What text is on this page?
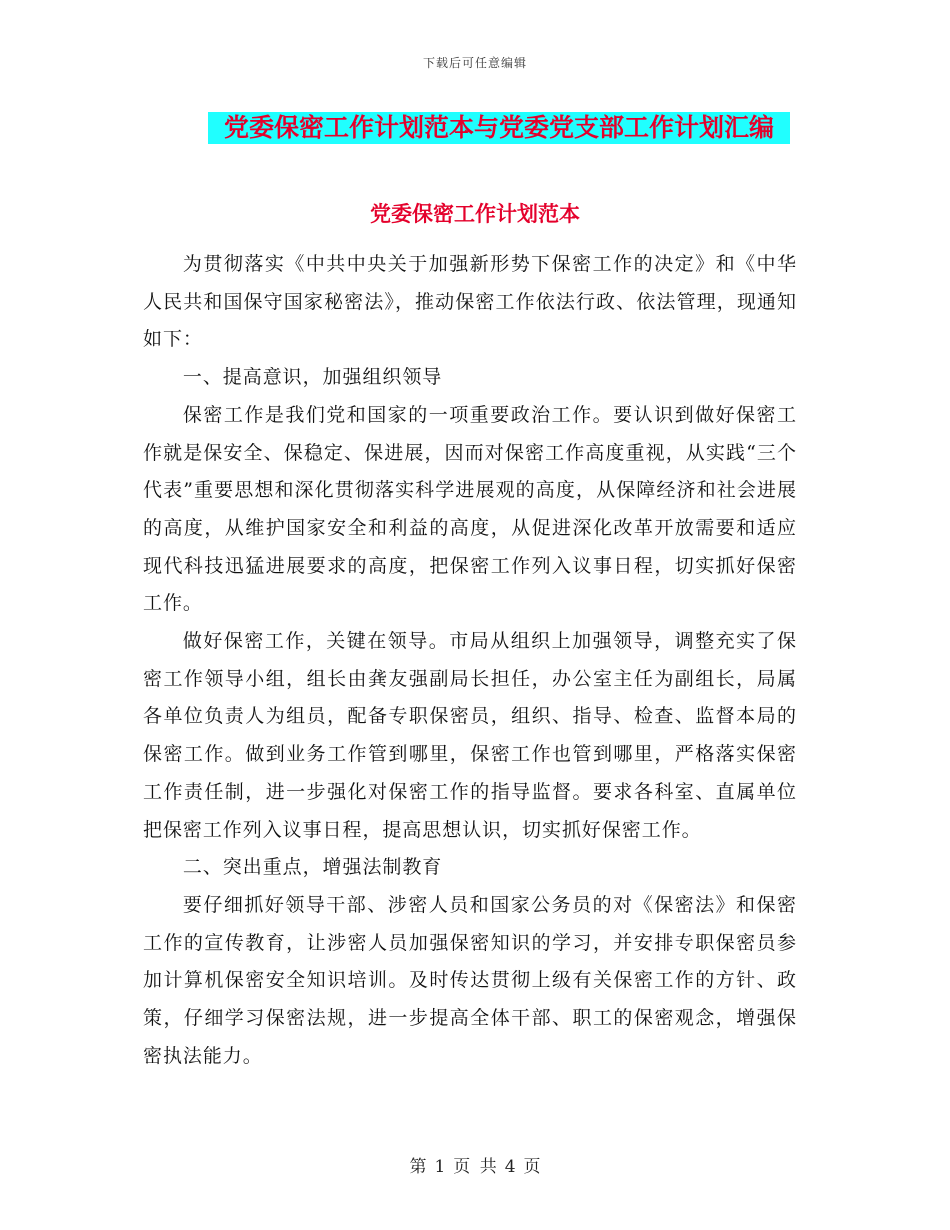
下载后可任意编辑
党委保密工作计划范本与党委党支部工作计划汇编
党委保密工作计划范本

为贯彻落实《中共中央关于加强新形势下保密工作的决定》和《中华人民共和国保守国家秘密法》，推动保密工作依法行政、依法管理，现通知如下：

一、提高意识，加强组织领导

保密工作是我们党和国家的一项重要政治工作。要认识到做好保密工作就是保安全、保稳定、保进展，因而对保密工作高度重视，从实践“三个代表”重要思想和深化贯彻落实科学进展观的高度，从保障经济和社会进展的高度，从维护国家安全和利益的高度，从促进深化改革开放需要和适应现代科技迅猛进展要求的高度，把保密工作列入议事日程，切实抓好保密工作。

做好保密工作，关键在领导。市局从组织上加强领导，调整充实了保密工作领导小组，组长由龚友强副局长担任，办公室主任为副组长，局属各单位负责人为组员，配备专职保密员，组织、指导、检查、监督本局的保密工作。做到业务工作管到哪里，保密工作也管到哪里，严格落实保密工作责任制，进一步强化对保密工作的指导监督。要求各科室、直属单位把保密工作列入议事日程，提高思想认识，切实抓好保密工作。

二、突出重点，增强法制教育

要仔细抓好领导干部、涉密人员和国家公务员的对《保密法》和保密工作的宣传教育，让涉密人员加强保密知识的学习，并安排专职保密员参加计算机保密安全知识培训。及时传达贯彻上级有关保密工作的方针、政策，仔细学习保密法规，进一步提高全体干部、职工的保密观念，增强保密执法能力。

第 1 页 共 4 页
